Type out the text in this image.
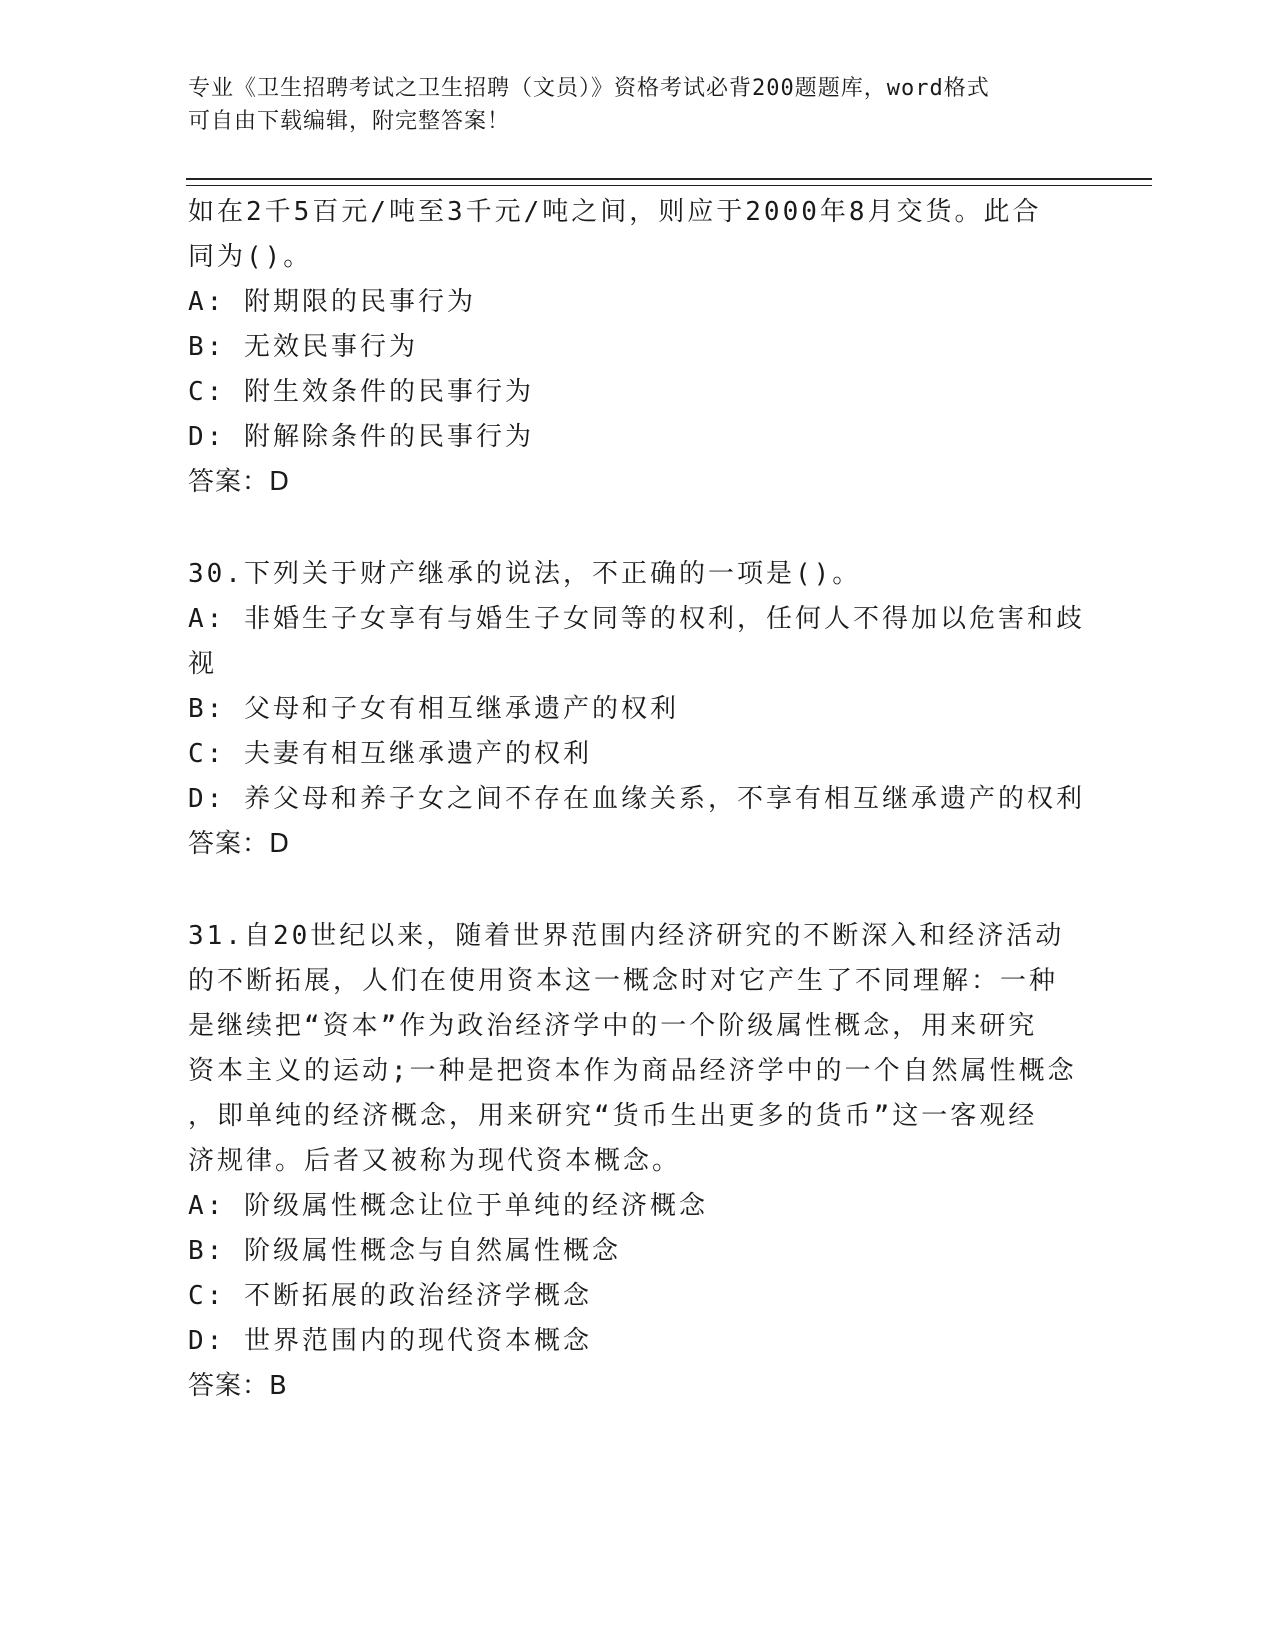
专业《卫生招聘考试之卫生招聘（文员）》资格考试必背200题题库，word格式
可自由下载编辑，附完整答案！
如在2千5百元/吨至3千元/吨之间，则应于2000年8月交货。此合
同为()。
A: 附期限的民事行为
B: 无效民事行为
C: 附生效条件的民事行为
D: 附解除条件的民事行为
答案：D
30.下列关于财产继承的说法，不正确的一项是()。
A: 非婚生子女享有与婚生子女同等的权利，任何人不得加以危害和歧
视
B: 父母和子女有相互继承遗产的权利
C: 夫妻有相互继承遗产的权利
D: 养父母和养子女之间不存在血缘关系，不享有相互继承遗产的权利
答案：D
31.自20世纪以来，随着世界范围内经济研究的不断深入和经济活动
的不断拓展，人们在使用资本这一概念时对它产生了不同理解：一种
是继续把“资本”作为政治经济学中的一个阶级属性概念，用来研究
资本主义的运动;一种是把资本作为商品经济学中的一个自然属性概念
，即单纯的经济概念，用来研究“货币生出更多的货币”这一客观经
济规律。后者又被称为现代资本概念。
A: 阶级属性概念让位于单纯的经济概念
B: 阶级属性概念与自然属性概念
C: 不断拓展的政治经济学概念
D: 世界范围内的现代资本概念
答案：B
